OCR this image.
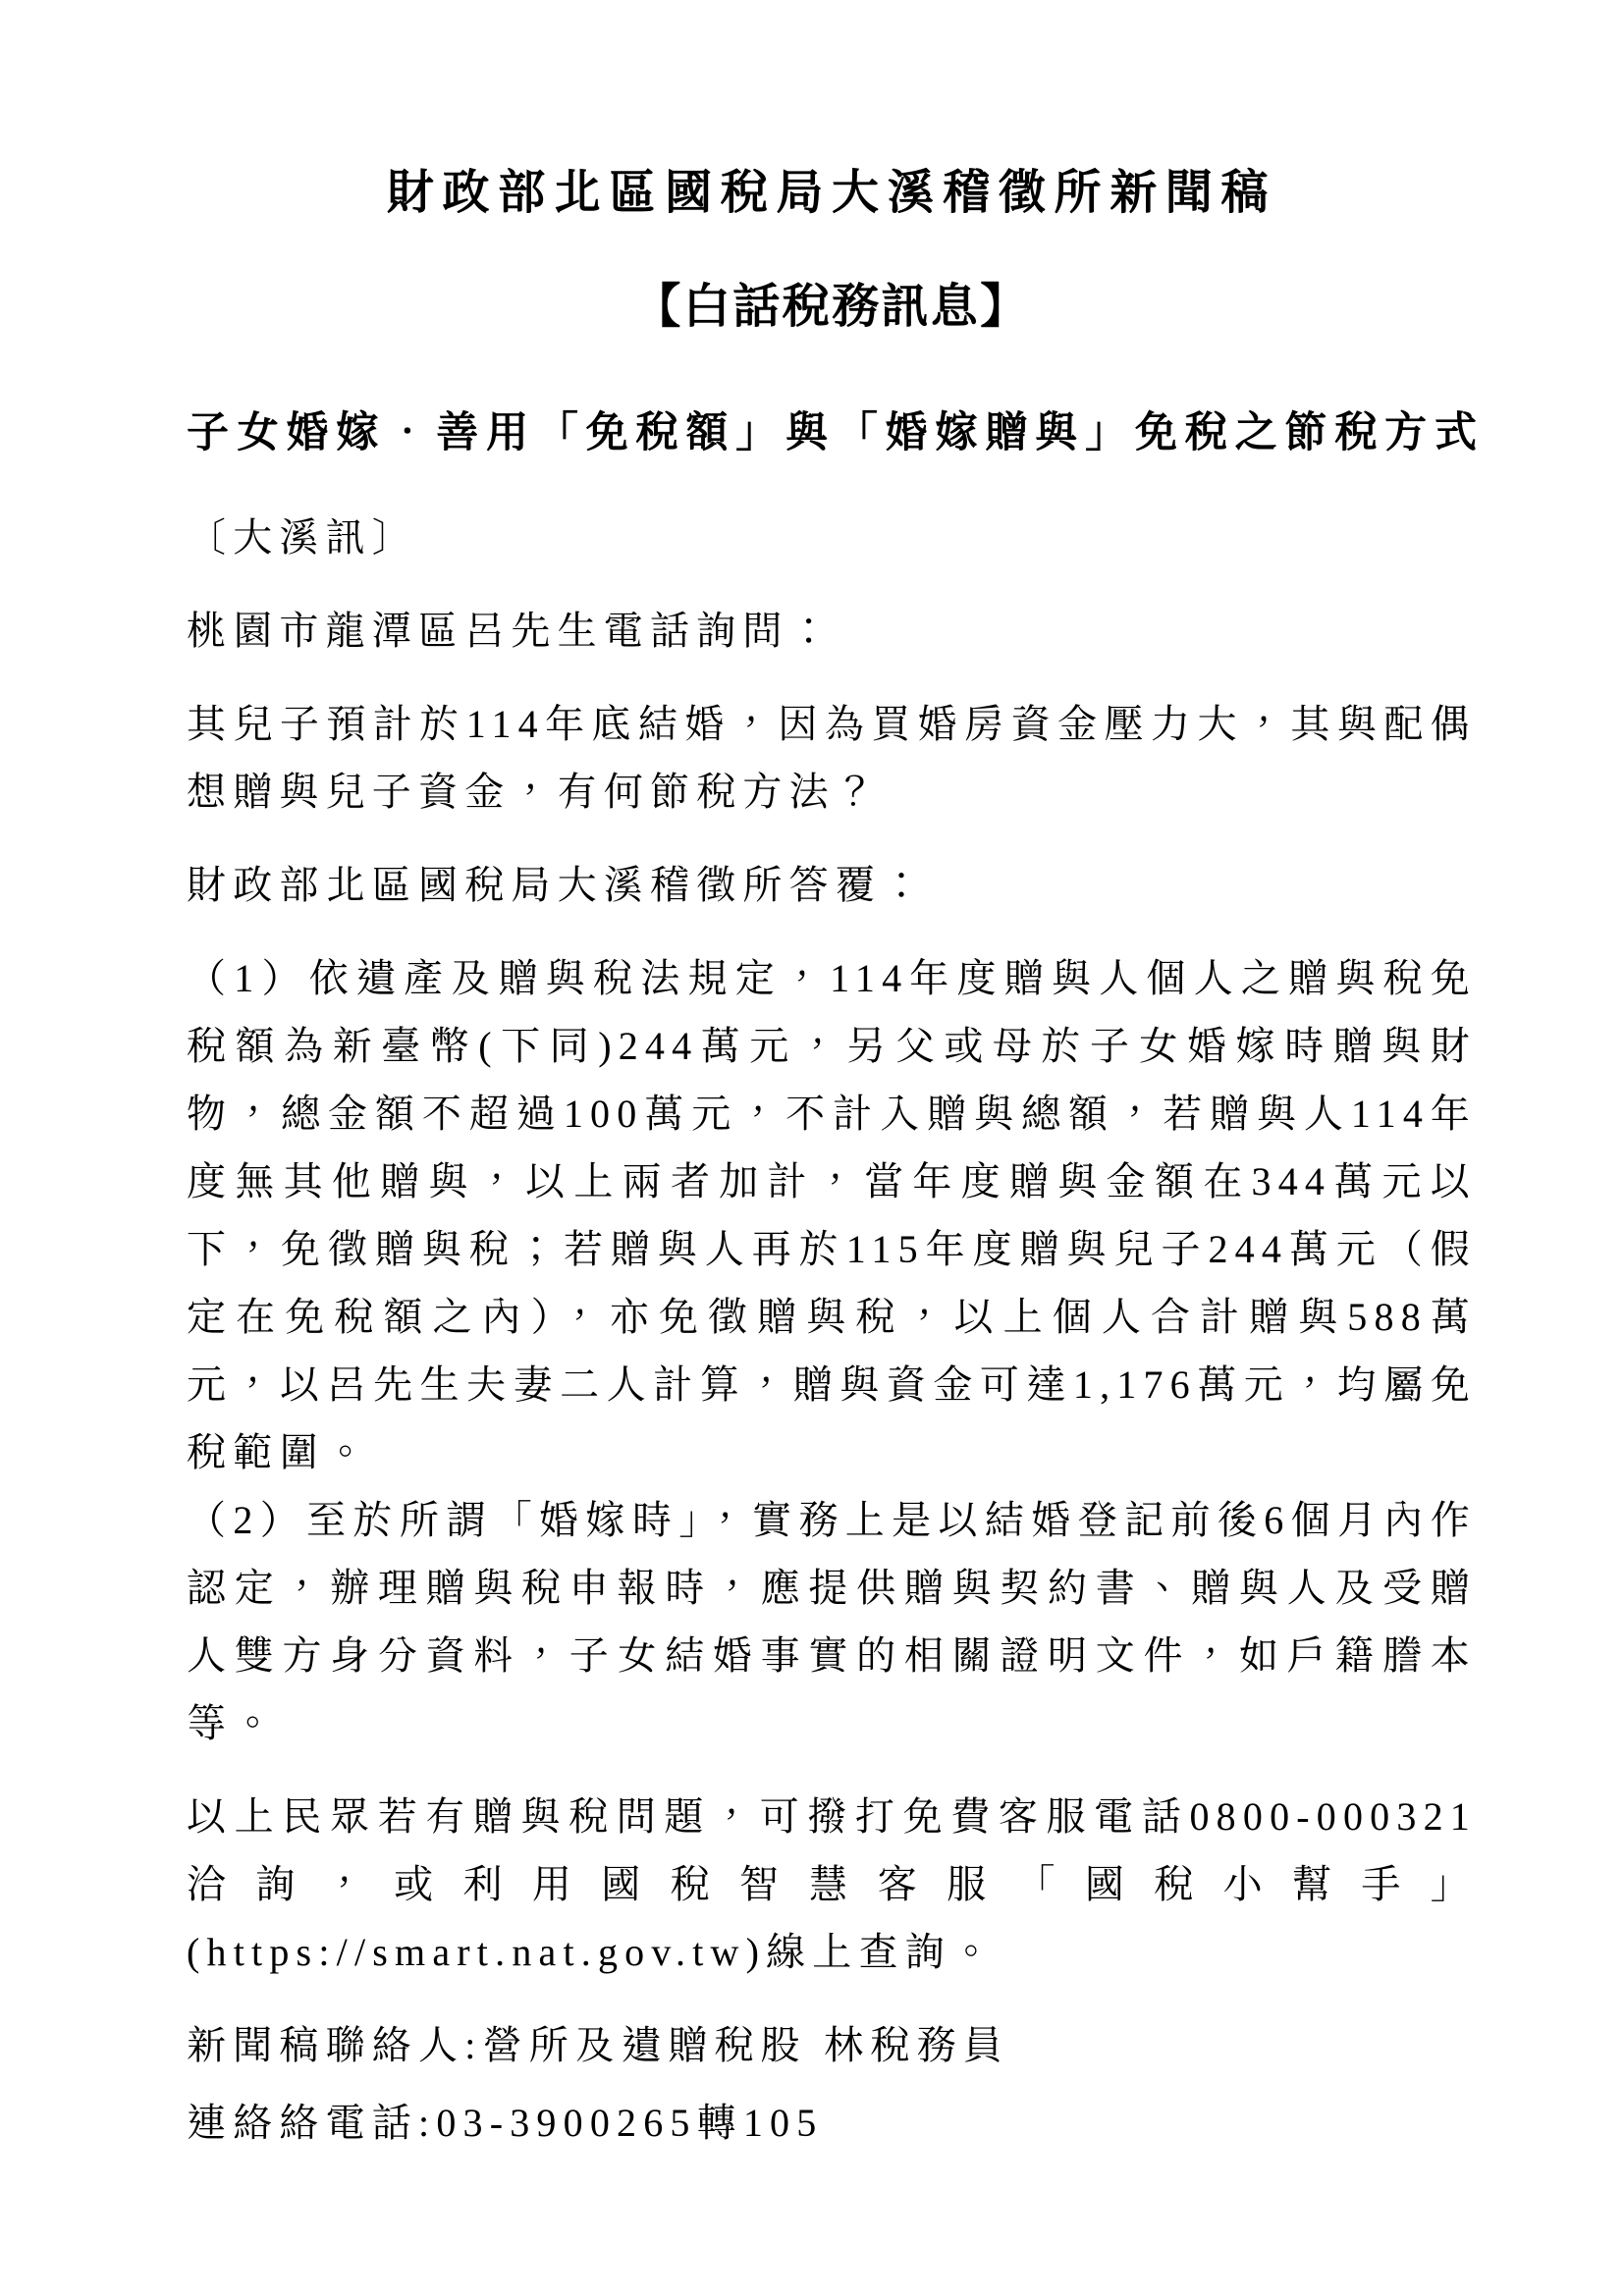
財政部北區國稅局大溪稽徵所新聞稿
【白話稅務訊息】
子女婚嫁‧善用「免稅額」與「婚嫁贈與」免稅之節稅方式

〔大溪訊〕

桃園市龍潭區呂先生電話詢問：

其兒子預計於114年底結婚，因為買婚房資金壓力大，其與配偶想贈與兒子資金，有何節稅方法？

財政部北區國稅局大溪稽徵所答覆：

（1）依遺產及贈與稅法規定，114年度贈與人個人之贈與稅免稅額為新臺幣(下同)244萬元，另父或母於子女婚嫁時贈與財物，總金額不超過100萬元，不計入贈與總額，若贈與人114年度無其他贈與，以上兩者加計，當年度贈與金額在344萬元以下，免徵贈與稅；若贈與人再於115年度贈與兒子244萬元（假定在免稅額之內），亦免徵贈與稅，以上個人合計贈與588萬元，以呂先生夫妻二人計算，贈與資金可達1,176萬元，均屬免稅範圍。

（2）至於所謂「婚嫁時」，實務上是以結婚登記前後6個月內作認定，辦理贈與稅申報時，應提供贈與契約書、贈與人及受贈人雙方身分資料，子女結婚事實的相關證明文件，如戶籍謄本等。

以上民眾若有贈與稅問題，可撥打免費客服電話0800-000321洽詢，或利用國稅智慧客服「國稅小幫手」(https://smart.nat.gov.tw)線上查詢。

新聞稿聯絡人:營所及遺贈稅股 林稅務員

連絡絡電話:03-3900265轉105
